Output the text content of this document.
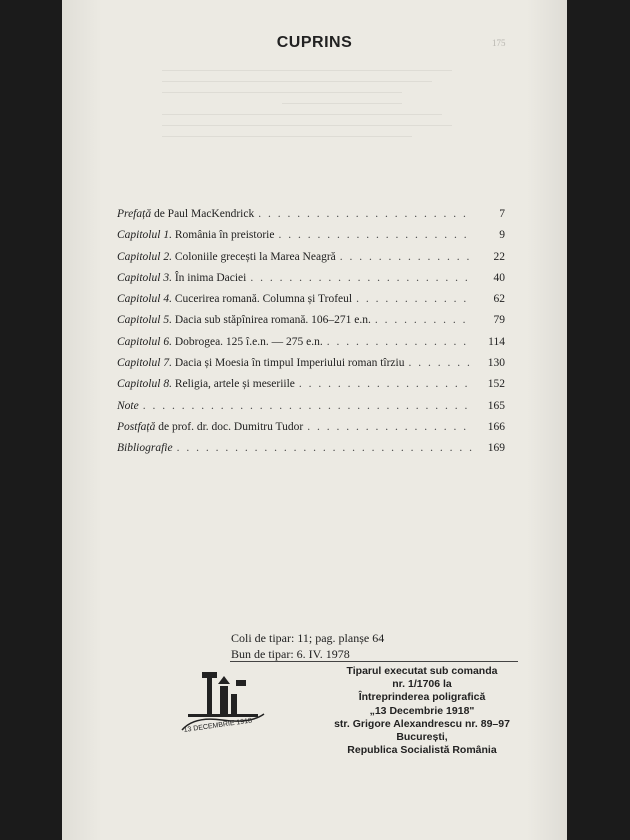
CUPRINS	175
Prefață de Paul MacKendrick . . .	7
Capitolul 1. România în preistorie . . .	9
Capitolul 2. Coloniile grecești la Marea Neagră . . .	22
Capitolul 3. În inima Daciei . . .	40
Capitolul 4. Cucerirea romană. Columna și Trofeul . . .	62
Capitolul 5. Dacia sub stăpînirea romană. 106–271 e.n. . . .	79
Capitolul 6. Dobrogea. 125 î.e.n. — 275 e.n. . . .	114
Capitolul 7. Dacia și Moesia în timpul Imperiului roman tîrziu . . .	130
Capitolul 8. Religia, artele și meseriile . . .	152
Note . . .	165
Postfață de prof. dr. doc. Dumitru Tudor . . .	166
Bibliografie . . .	169
Coli de tipar: 11; pag. planșe 64
Bun de tipar: 6. IV. 1978
13 DECEMBRIE 1918
Tiparul executat sub comanda
nr. 1/1706 la
Întreprinderea poligrafică
„13 Decembrie 1918"
str. Grigore Alexandrescu nr. 89–97
București,
Republica Socialistă România
